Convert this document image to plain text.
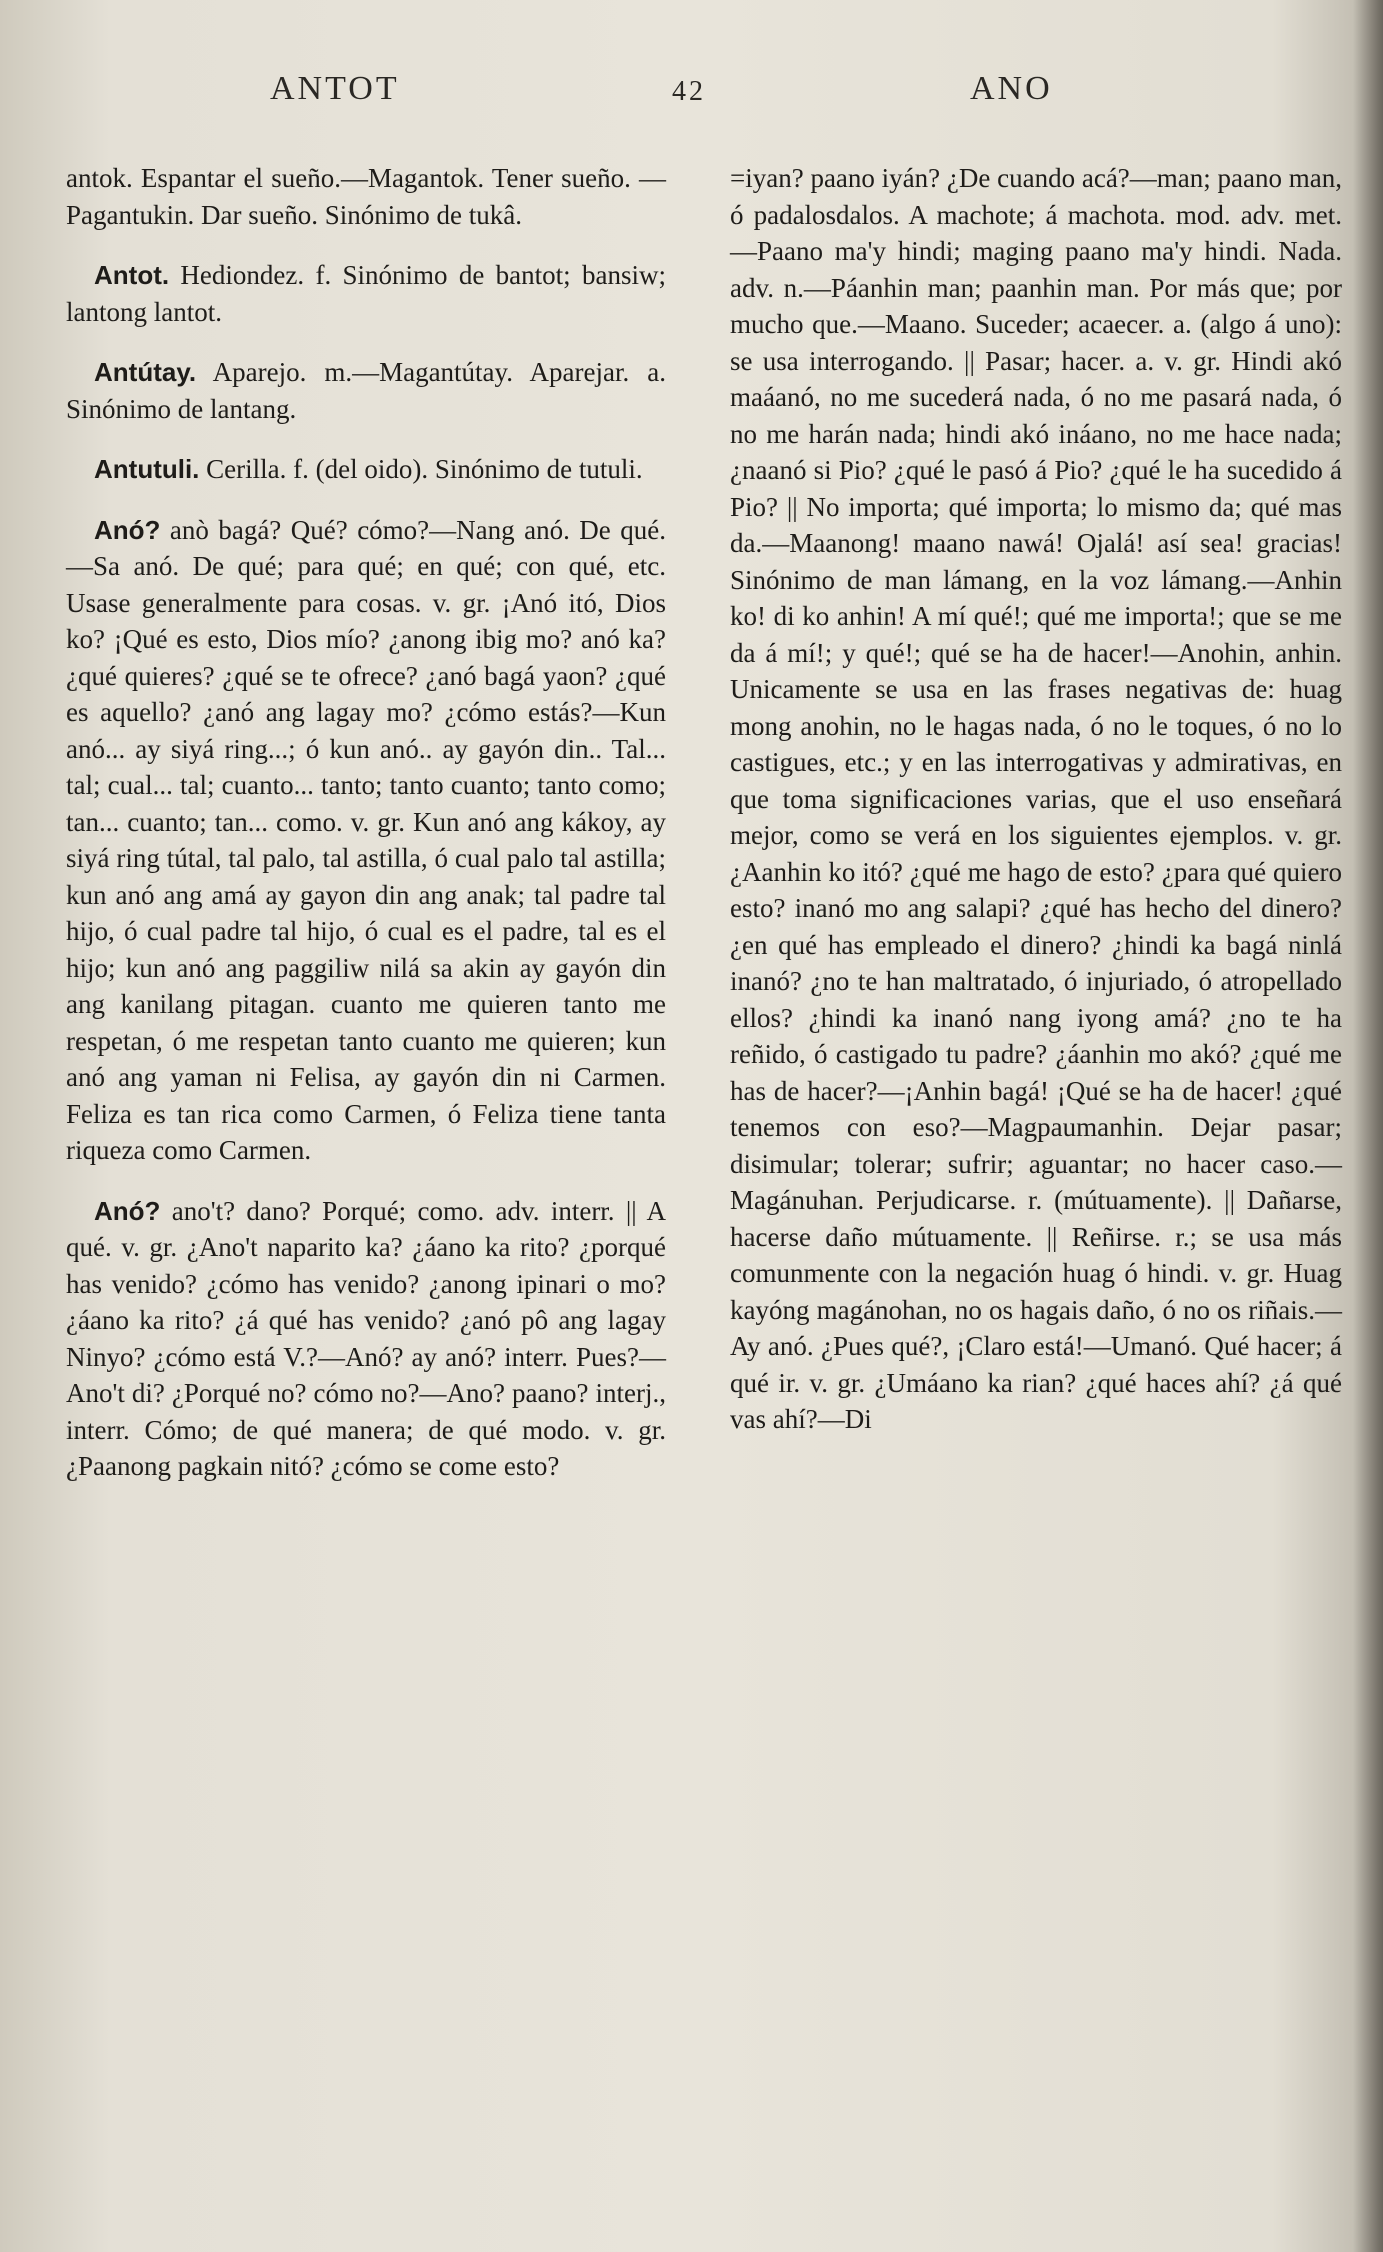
ANTOT	42	ANO

antok. Espantar el sueño.—Magantok. Tener sueño. —Pagantukin. Dar sueño. Sinónimo de tukâ.

Antot. Hediondez. f. Sinónimo de bantot; bansiw; lantong lantot.

Antútay. Aparejo. m.—Magantútay. Aparejar. a. Sinónimo de lantang.

Antutuli. Cerilla. f. (del oido). Sinónimo de tutuli.

Anó? anò bagá? Qué? cómo?—Nang anó. De qué.—Sa anó. De qué; para qué; en qué; con qué, etc. Usase generalmente para cosas. v. gr. ¡Anó itó, Dios ko? ¡Qué es esto, Dios mío? ¿anong ibig mo? anó ka? ¿qué quieres? ¿qué se te ofrece? ¿anó bagá yaon? ¿qué es aquello? ¿anó ang lagay mo? ¿cómo estás?—Kun anó... ay siyá ring...; ó kun anó.. ay gayón din.. Tal... tal; cual... tal; cuanto... tanto; tanto cuanto; tanto como; tan... cuanto; tan... como. v. gr. Kun anó ang kákoy, ay siyá ring tútal, tal palo, tal astilla, ó cual palo tal astilla; kun anó ang amá ay gayon din ang anak; tal padre tal hijo, ó cual padre tal hijo, ó cual es el padre, tal es el hijo; kun anó ang paggiliw nilá sa akin ay gayón din ang kanilang pitagan. cuanto me quieren tanto me respetan, ó me respetan tanto cuanto me quieren; kun anó ang yaman ni Felisa, ay gayón din ni Carmen. Feliza es tan rica como Carmen, ó Feliza tiene tanta riqueza como Carmen.

Anó? ano't? dano? Porqué; como. adv. interr. || A qué. v. gr. ¿Ano't naparito ka? ¿áano ka rito? ¿porqué has venido? ¿cómo has venido? ¿anong ipinari o mo? ¿áano ka rito? ¿á qué has venido? ¿anó pô ang lagay Ninyo? ¿cómo está V.?—Anó? ay anó? interr. Pues?—Ano't di? ¿Porqué no? cómo no?—Ano? paano? interj., interr. Cómo; de qué manera; de qué modo. v. gr. ¿Paanong pagkain nitó? ¿cómo se come esto?

=iyan? paano iyán? ¿De cuando acá?—man; paano man, ó padalosdalos. A machote; á machota. mod. adv. met.—Paano ma'y hindi; maging paano ma'y hindi. Nada. adv. n.—Páanhin man; paanhin man. Por más que; por mucho que.—Maano. Suceder; acaecer. a. (algo á uno): se usa interrogando. || Pasar; hacer. a. v. gr. Hindi akó maáanó, no me sucederá nada, ó no me pasará nada, ó no me harán nada; hindi akó ináano, no me hace nada; ¿naanó si Pio? ¿qué le pasó á Pio? ¿qué le ha sucedido á Pio? || No importa; qué importa; lo mismo da; qué mas da.—Maanong! maano nawá! Ojalá! así sea! gracias! Sinónimo de man lámang, en la voz lámang.—Anhin ko! di ko anhin! A mí qué!; qué me importa!; que se me da á mí!; y qué!; qué se ha de hacer!—Anohin, anhin. Unicamente se usa en las frases negativas de: huag mong anohin, no le hagas nada, ó no le toques, ó no lo castigues, etc.; y en las interrogativas y admirativas, en que toma significaciones varias, que el uso enseñará mejor, como se verá en los siguientes ejemplos. v. gr. ¿Aanhin ko itó? ¿qué me hago de esto? ¿para qué quiero esto? inanó mo ang salapi? ¿qué has hecho del dinero? ¿en qué has empleado el dinero? ¿hindi ka bagá ninlá inanó? ¿no te han maltratado, ó injuriado, ó atropellado ellos? ¿hindi ka inanó nang iyong amá? ¿no te ha reñido, ó castigado tu padre? ¿áanhin mo akó? ¿qué me has de hacer?—¡Anhin bagá! ¡Qué se ha de hacer! ¿qué tenemos con eso?—Magpaumanhin. Dejar pasar; disimular; tolerar; sufrir; aguantar; no hacer caso.—Magánuhan. Perjudicarse. r. (mútuamente). || Dañarse, hacerse daño mútuamente. || Reñirse. r.; se usa más comunmente con la negación huag ó hindi. v. gr. Huag kayóng magánohan, no os hagais daño, ó no os riñais.—Ay anó. ¿Pues qué?, ¡Claro está!—Umanó. Qué hacer; á qué ir. v. gr. ¿Umáano ka rian? ¿qué haces ahí? ¿á qué vas ahí?—Di
